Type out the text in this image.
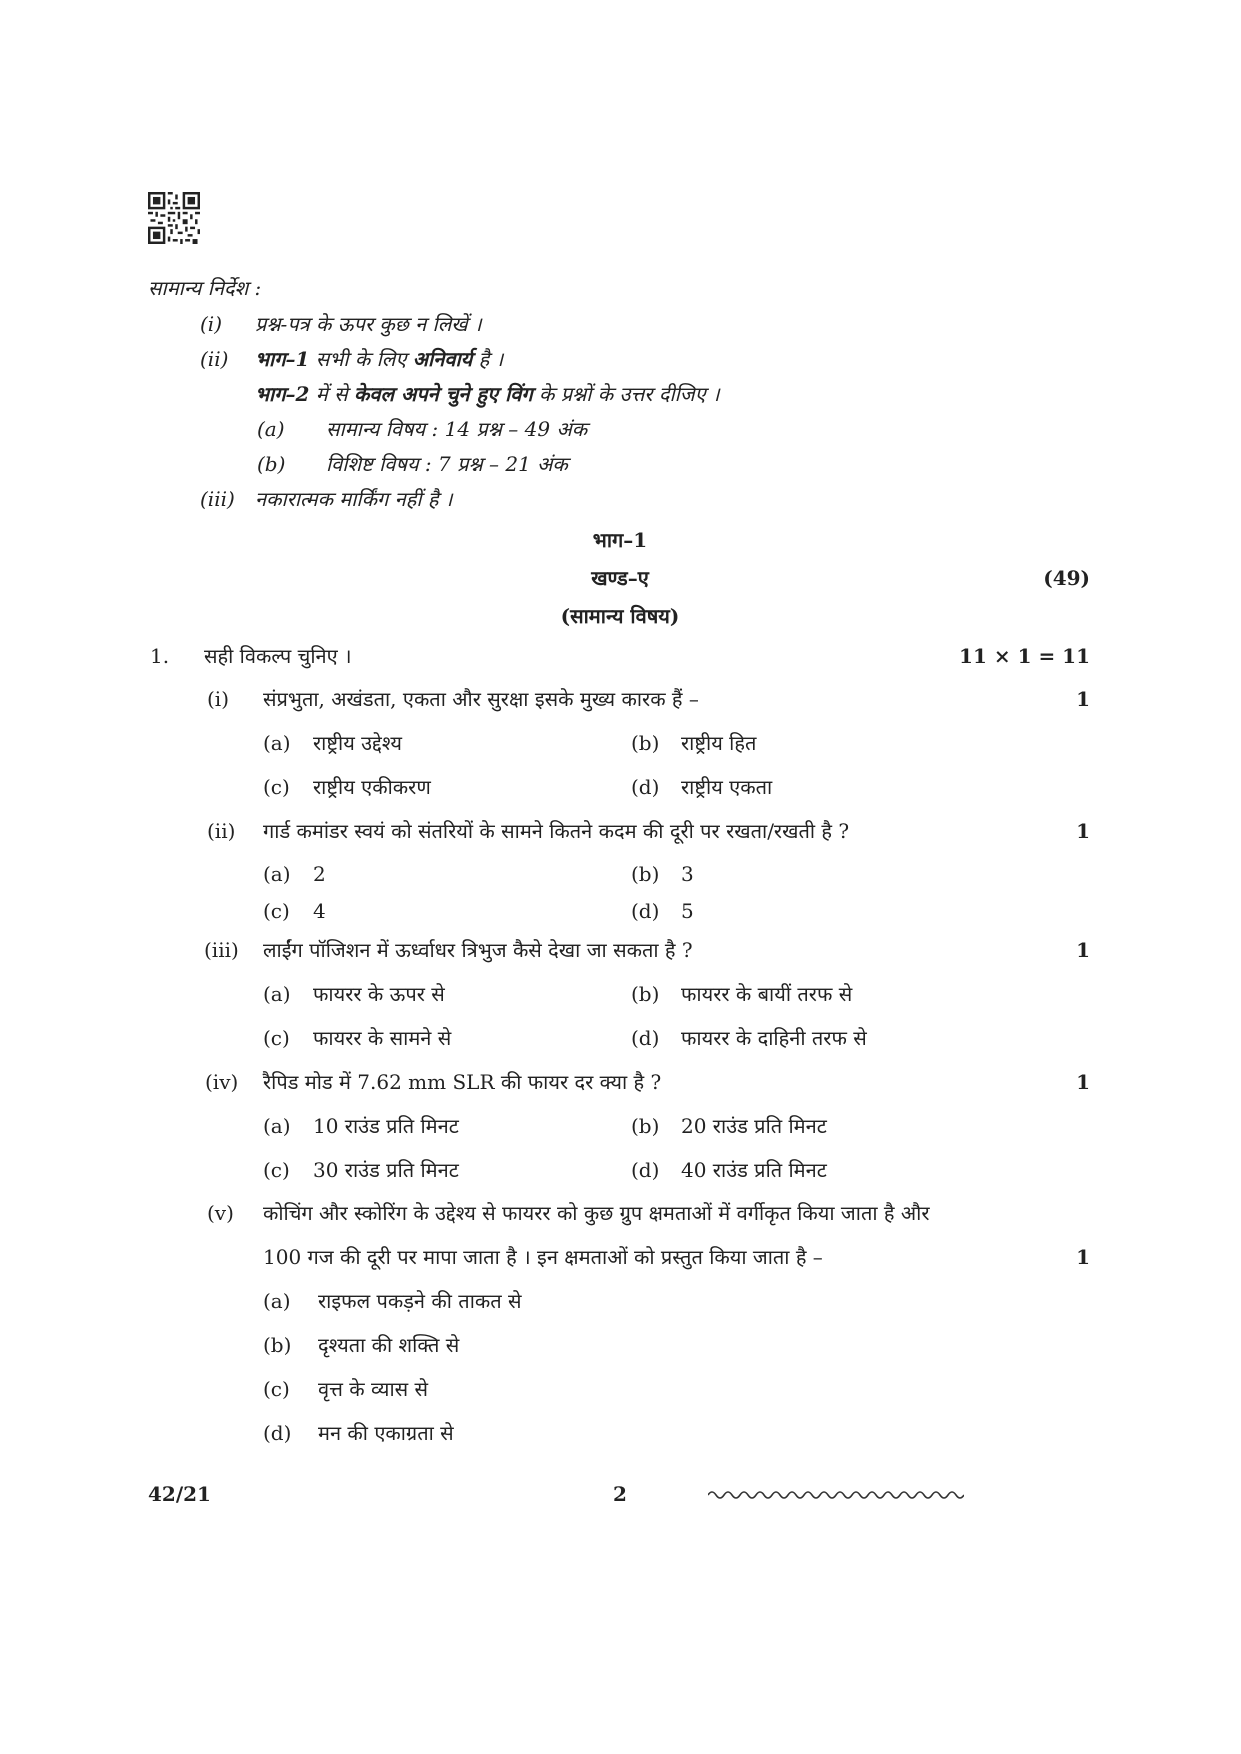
सामान्य निर्देश :
(i) प्रश्न-पत्र के ऊपर कुछ न लिखें ।
(ii) भाग–1 सभी के लिए अनिवार्य है ।
भाग–2 में से केवल अपने चुने हुए विंग के प्रश्नों के उत्तर दीजिए ।
(a) सामान्य विषय : 14 प्रश्न – 49 अंक
(b) विशिष्ट विषय : 7 प्रश्न – 21 अंक
(iii) नकारात्मक मार्किंग नहीं है ।
भाग–1
खण्ड–ए	(49)
(सामान्य विषय)
1. सही विकल्प चुनिए ।	11 × 1 = 11
(i) संप्रभुता, अखंडता, एकता और सुरक्षा इसके मुख्य कारक हैं –	1
(a) राष्ट्रीय उद्देश्य	(b) राष्ट्रीय हित
(c) राष्ट्रीय एकीकरण	(d) राष्ट्रीय एकता
(ii) गार्ड कमांडर स्वयं को संतरियों के सामने कितने कदम की दूरी पर रखता/रखती है ?	1
(a) 2	(b) 3
(c) 4	(d) 5
(iii) लाईंग पॉजिशन में ऊर्ध्वाधर त्रिभुज कैसे देखा जा सकता है ?	1
(a) फायरर के ऊपर से	(b) फायरर के बायीं तरफ से
(c) फायरर के सामने से	(d) फायरर के दाहिनी तरफ से
(iv) रैपिड मोड में 7.62 mm SLR की फायर दर क्या है ?	1
(a) 10 राउंड प्रति मिनट	(b) 20 राउंड प्रति मिनट
(c) 30 राउंड प्रति मिनट	(d) 40 राउंड प्रति मिनट
(v) कोचिंग और स्कोरिंग के उद्देश्य से फायरर को कुछ ग्रुप क्षमताओं में वर्गीकृत किया जाता है और
100 गज की दूरी पर मापा जाता है । इन क्षमताओं को प्रस्तुत किया जाता है –	1
(a) राइफल पकड़ने की ताकत से
(b) दृश्यता की शक्ति से
(c) वृत्त के व्यास से
(d) मन की एकाग्रता से
42/21	2
